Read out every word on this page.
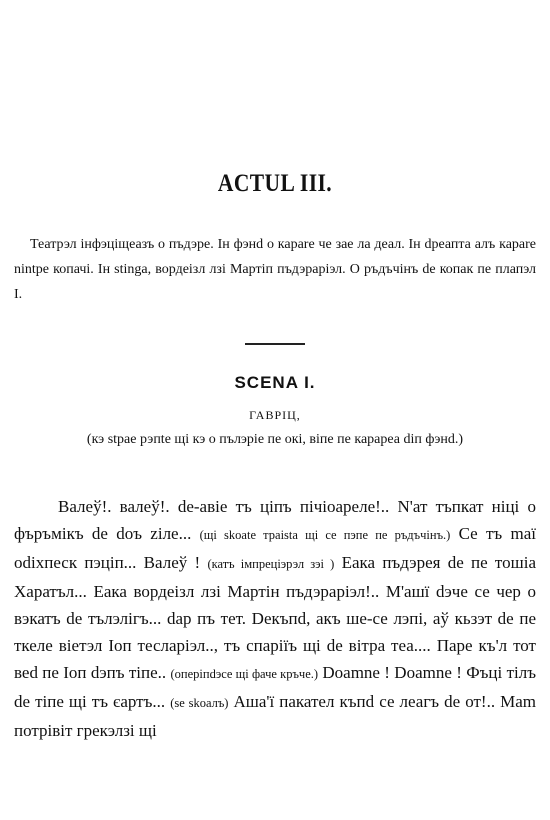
ACTUL III.
Театрэл інфэціщеазъ о пъдэре. Ін фэнd о карare че зae ла деал. Ін dреапта алъ карare nintpe копачі. Ін stinga, вордеізл лзі Мартіп пъдэраріэл. О ръдъчінъ de копак пе плапэл I.
SCENA I.
ГАВРІЦ,
(кэ stpae рэпtе щі кэ о пълэріе пе окі, віпе пе карареа dіп фэнd.)
Валеў!. валеў!. de-авіе тъ ціпъ пічіоареле!.. N'ат тъпкат ніці о фъръмікъ de doъ zіле... (щі skoate траіsta щі се пэпе пе ръдъчінъ.) Се тъ maї odixпеск пэцiп... Валеў ! (катъ імпреціэрэл зэі ) Еака пъдэрея de пе тошіа Харатъл... Еака вордеізл лзі Мартін пъдэраріэл!.. М'ашї dэче се чер о вэкатъ de тълэлігъ... dар пъ тет. Dекъпd, акъ ше-се лэпі, аў кьзэт de пе ткеле віетэл Іоп тесларіэл.., тъ спаріїъ щі de вітра теа.... Паре къ'л тот веd пе Іоп dэпъ тіпе.. (оперіпdэсе щі фаче кръче.) Doamne ! Doamne ! Фъці тілъ de тіпе щі тъ єартъ... (se skoaлъ) Аша'ї пакател къпd се леагъ de от!.. Маm потрівіт грекэлзі щі
